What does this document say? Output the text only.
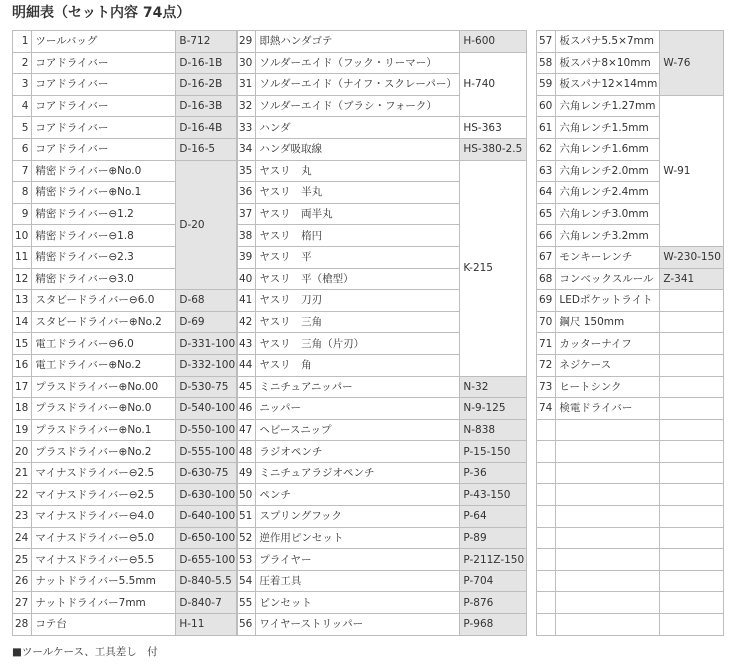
明細表（セット内容 74点）
1	ツールバッグ	B-712
2	コアドライバー	D-16-1B
3	コアドライバー	D-16-2B
4	コアドライバー	D-16-3B
5	コアドライバー	D-16-4B
6	コアドライバー	D-16-5
7	精密ドライバー⊕No.0	D-20
8	精密ドライバー⊕No.1	
9	精密ドライバー⊖1.2	
10	精密ドライバー⊖1.8	
11	精密ドライバー⊖2.3	
12	精密ドライバー⊖3.0	
13	スタビードライバー⊖6.0	D-68
14	スタビードライバー⊕No.2	D-69
15	電工ドライバー⊖6.0	D-331-100
16	電工ドライバー⊕No.2	D-332-100
17	プラスドライバー⊕No.00	D-530-75
18	プラスドライバー⊕No.0	D-540-100
19	プラスドライバー⊕No.1	D-550-100
20	プラスドライバー⊕No.2	D-555-100
21	マイナスドライバー⊖2.5	D-630-75
22	マイナスドライバー⊖2.5	D-630-100
23	マイナスドライバー⊖4.0	D-640-100
24	マイナスドライバー⊖5.0	D-650-100
25	マイナスドライバー⊖5.5	D-655-100
26	ナットドライバー5.5mm	D-840-5.5
27	ナットドライバー7mm	D-840-7
28	コテ台	H-11
29	即熱ハンダゴテ	H-600
30	ソルダーエイド（フック・リーマー）	H-740
31	ソルダーエイド（ナイフ・スクレーパー）	
32	ソルダーエイド（ブラシ・フォーク）	
33	ハンダ	HS-363
34	ハンダ吸取線	HS-380-2.5
35	ヤスリ　丸	K-215
36	ヤスリ　半丸	
37	ヤスリ　両半丸	
38	ヤスリ　楕円	
39	ヤスリ　平	
40	ヤスリ　平（槍型）	
41	ヤスリ　刀刃	
42	ヤスリ　三角	
43	ヤスリ　三角（片刃）	
44	ヤスリ　角	
45	ミニチュアニッパー	N-32
46	ニッパー	N-9-125
47	ヘビースニップ	N-838
48	ラジオペンチ	P-15-150
49	ミニチュアラジオペンチ	P-36
50	ペンチ	P-43-150
51	スプリングフック	P-64
52	逆作用ピンセット	P-89
53	プライヤー	P-211Z-150
54	圧着工具	P-704
55	ピンセット	P-876
56	ワイヤーストリッパー	P-968
57	板スパナ5.5×7mm	W-76
58	板スパナ8×10mm	
59	板スパナ12×14mm	
60	六角レンチ1.27mm	W-91
61	六角レンチ1.5mm	
62	六角レンチ1.6mm	
63	六角レンチ2.0mm	
64	六角レンチ2.4mm	
65	六角レンチ3.0mm	
66	六角レンチ3.2mm	
67	モンキーレンチ	W-230-150
68	コンベックスルール	Z-341
69	LEDポケットライト	
70	鋼尺 150mm	
71	カッターナイフ	
72	ネジケース	
73	ヒートシンク	
74	検電ドライバー	

■ツールケース、工具差し　付
